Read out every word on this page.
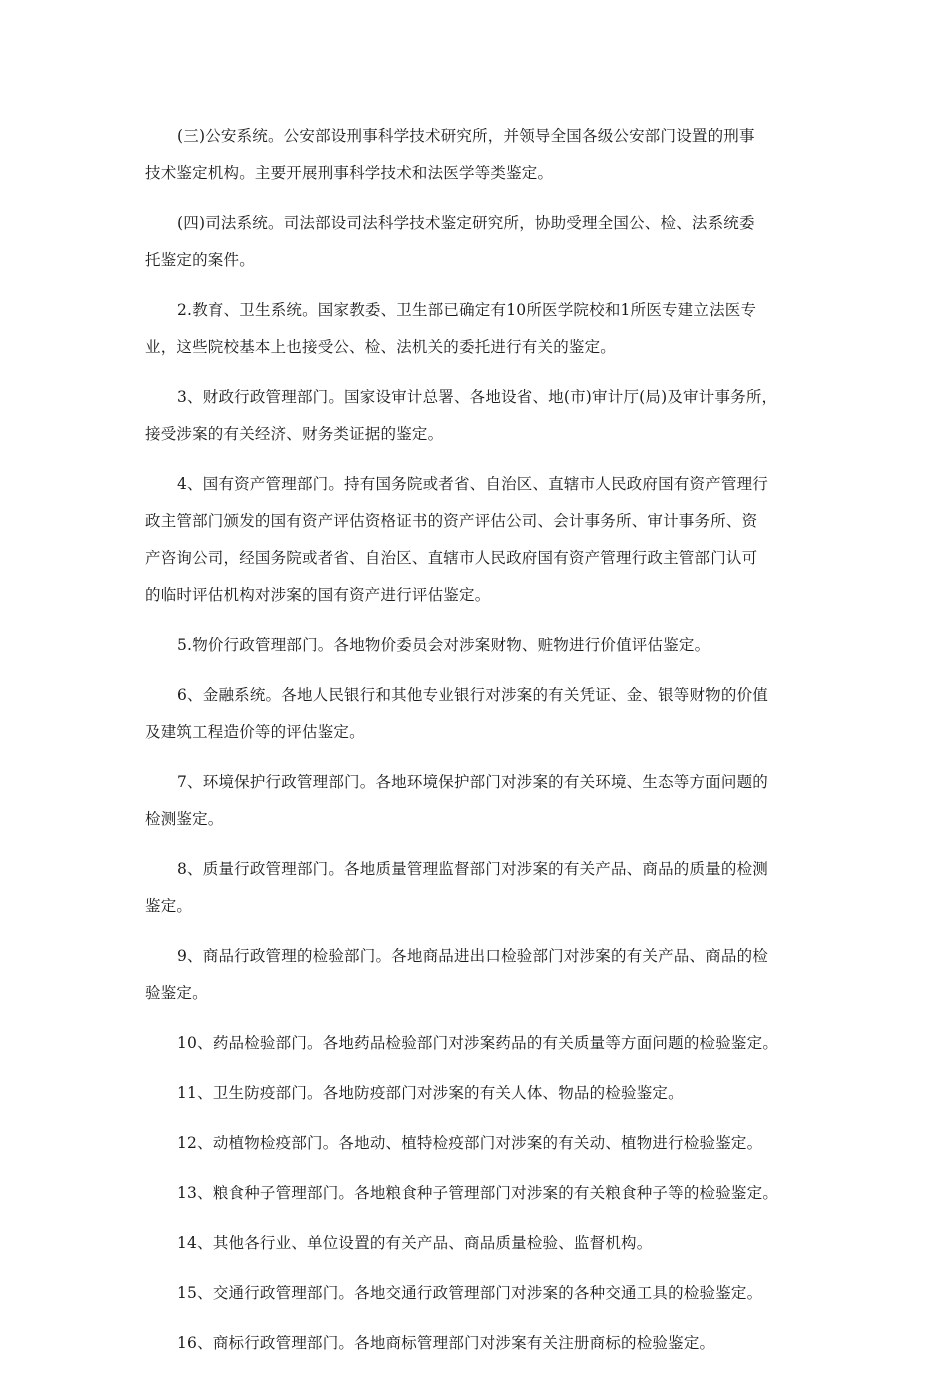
(三)公安系统。公安部设刑事科学技术研究所，并领导全国各级公安部门设置的刑事
技术鉴定机构。主要开展刑事科学技术和法医学等类鉴定。
(四)司法系统。司法部设司法科学技术鉴定研究所，协助受理全国公、检、法系统委
托鉴定的案件。
2.教育、卫生系统。国家教委、卫生部已确定有10所医学院校和1所医专建立法医专
业，这些院校基本上也接受公、检、法机关的委托进行有关的鉴定。
3、财政行政管理部门。国家设审计总署、各地设省、地(市)审计厅(局)及审计事务所，
接受涉案的有关经济、财务类证据的鉴定。
4、国有资产管理部门。持有国务院或者省、自治区、直辖市人民政府国有资产管理行
政主管部门颁发的国有资产评估资格证书的资产评估公司、会计事务所、审计事务所、资
产咨询公司，经国务院或者省、自治区、直辖市人民政府国有资产管理行政主管部门认可
的临时评估机构对涉案的国有资产进行评估鉴定。
5.物价行政管理部门。各地物价委员会对涉案财物、赃物进行价值评估鉴定。
6、金融系统。各地人民银行和其他专业银行对涉案的有关凭证、金、银等财物的价值
及建筑工程造价等的评估鉴定。
7、环境保护行政管理部门。各地环境保护部门对涉案的有关环境、生态等方面问题的
检测鉴定。
8、质量行政管理部门。各地质量管理监督部门对涉案的有关产品、商品的质量的检测
鉴定。
9、商品行政管理的检验部门。各地商品进出口检验部门对涉案的有关产品、商品的检
验鉴定。
10、药品检验部门。各地药品检验部门对涉案药品的有关质量等方面问题的检验鉴定。
11、卫生防疫部门。各地防疫部门对涉案的有关人体、物品的检验鉴定。
12、动植物检疫部门。各地动、植特检疫部门对涉案的有关动、植物进行检验鉴定。
13、粮食种子管理部门。各地粮食种子管理部门对涉案的有关粮食种子等的检验鉴定。
14、其他各行业、单位设置的有关产品、商品质量检验、监督机构。
15、交通行政管理部门。各地交通行政管理部门对涉案的各种交通工具的检验鉴定。
16、商标行政管理部门。各地商标管理部门对涉案有关注册商标的检验鉴定。
